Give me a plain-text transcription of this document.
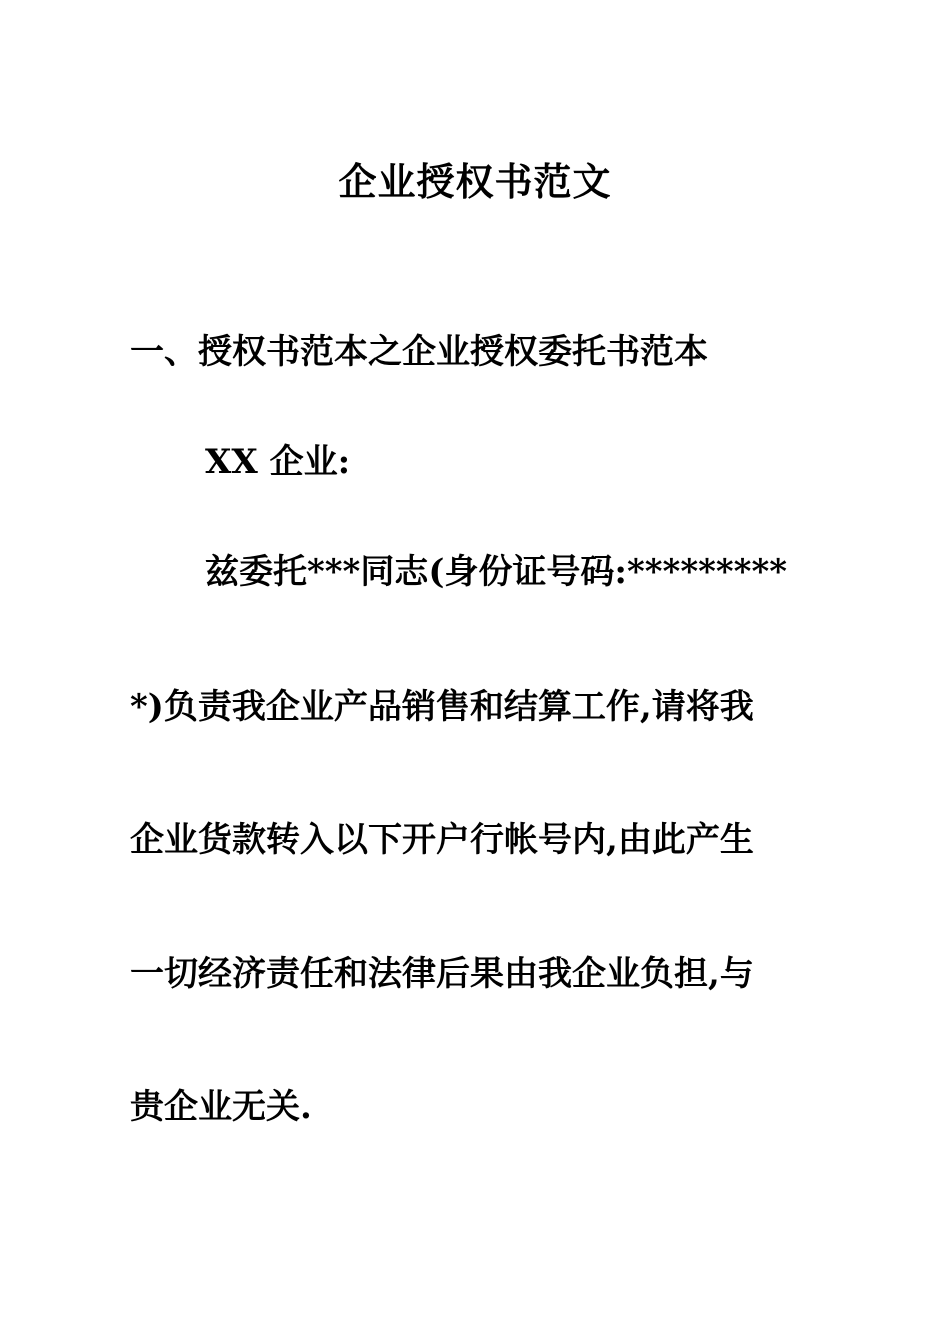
企业授权书范文
一、授权书范本之企业授权委托书范本
XX 企业:
兹委托***同志(身份证号码:*********
*)负责我企业产品销售和结算工作,请将我
企业货款转入以下开户行帐号内,由此产生
一切经济责任和法律后果由我企业负担,与
贵企业无关.
